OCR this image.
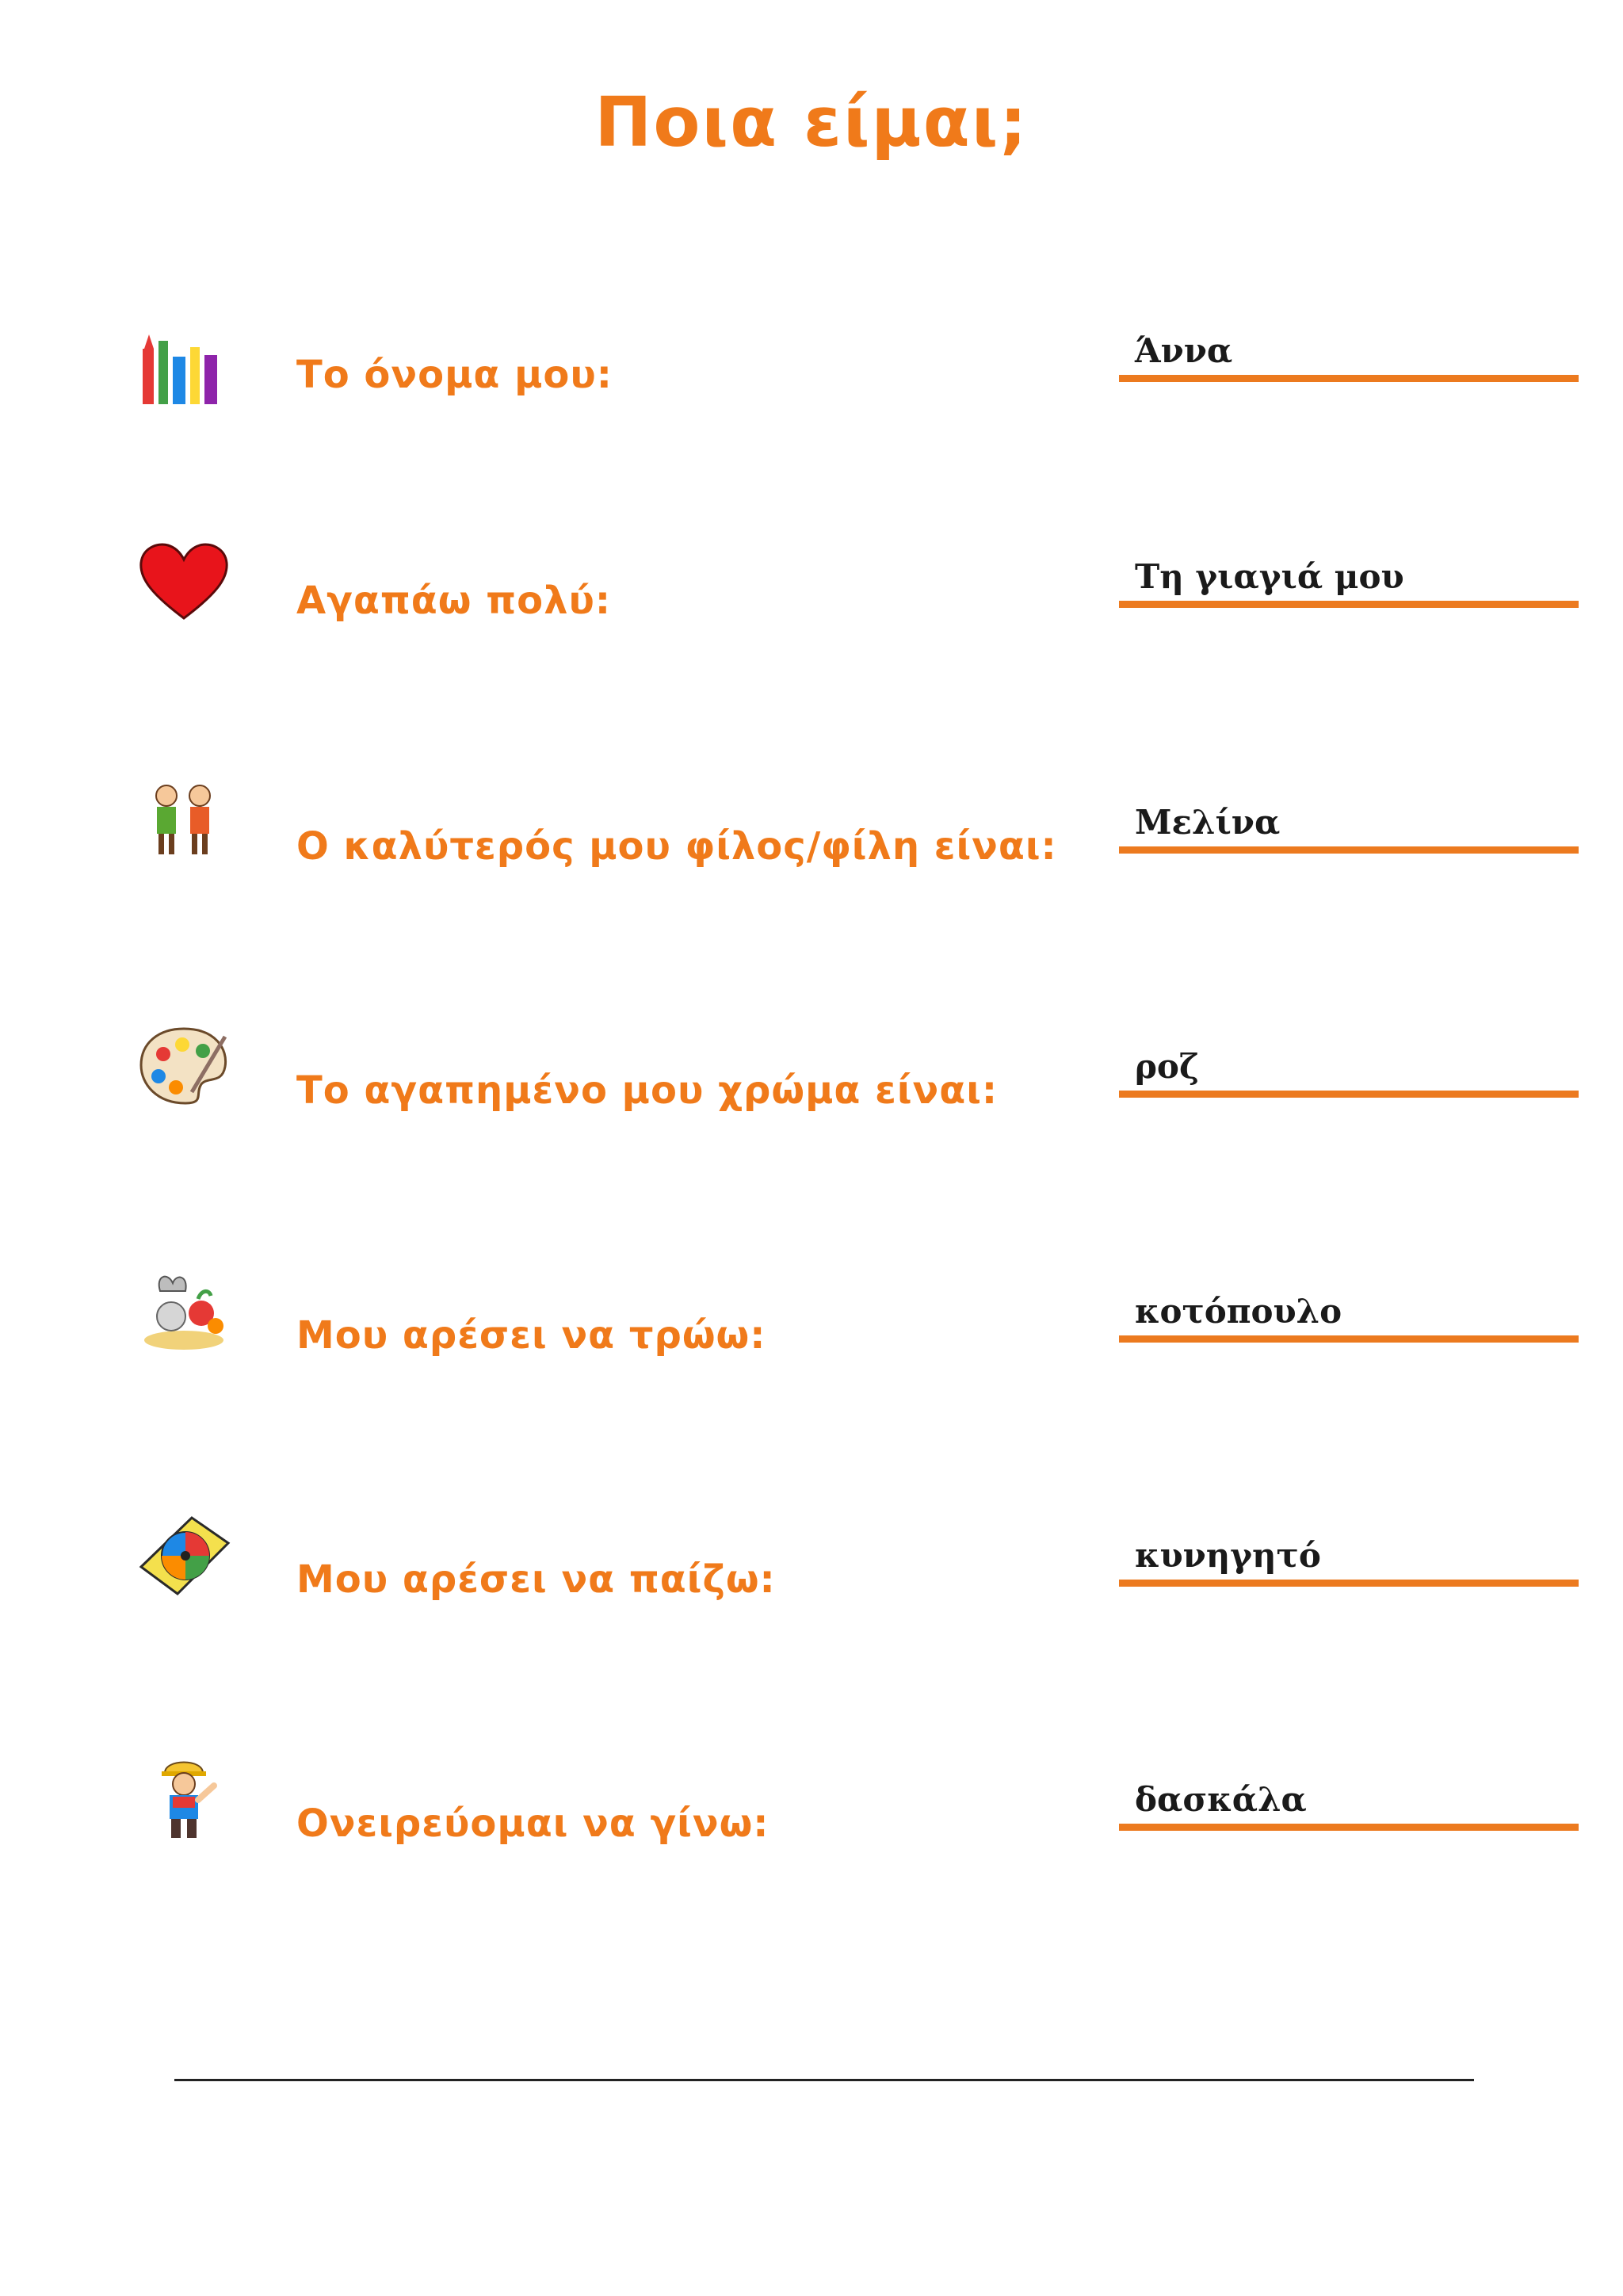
Ποια είμαι;
Το όνομα μου:
Άννα
Αγαπάω πολύ:
Τη γιαγιά μου
Ο καλύτερός μου φίλος/φίλη είναι:
Μελίνα
Το αγαπημένο μου χρώμα είναι:
ροζ
Μου αρέσει να τρώω:
κοτόπουλο
Μου αρέσει να παίζω:
κυνηγητό
Ονειρεύομαι να γίνω:
δασκάλα
